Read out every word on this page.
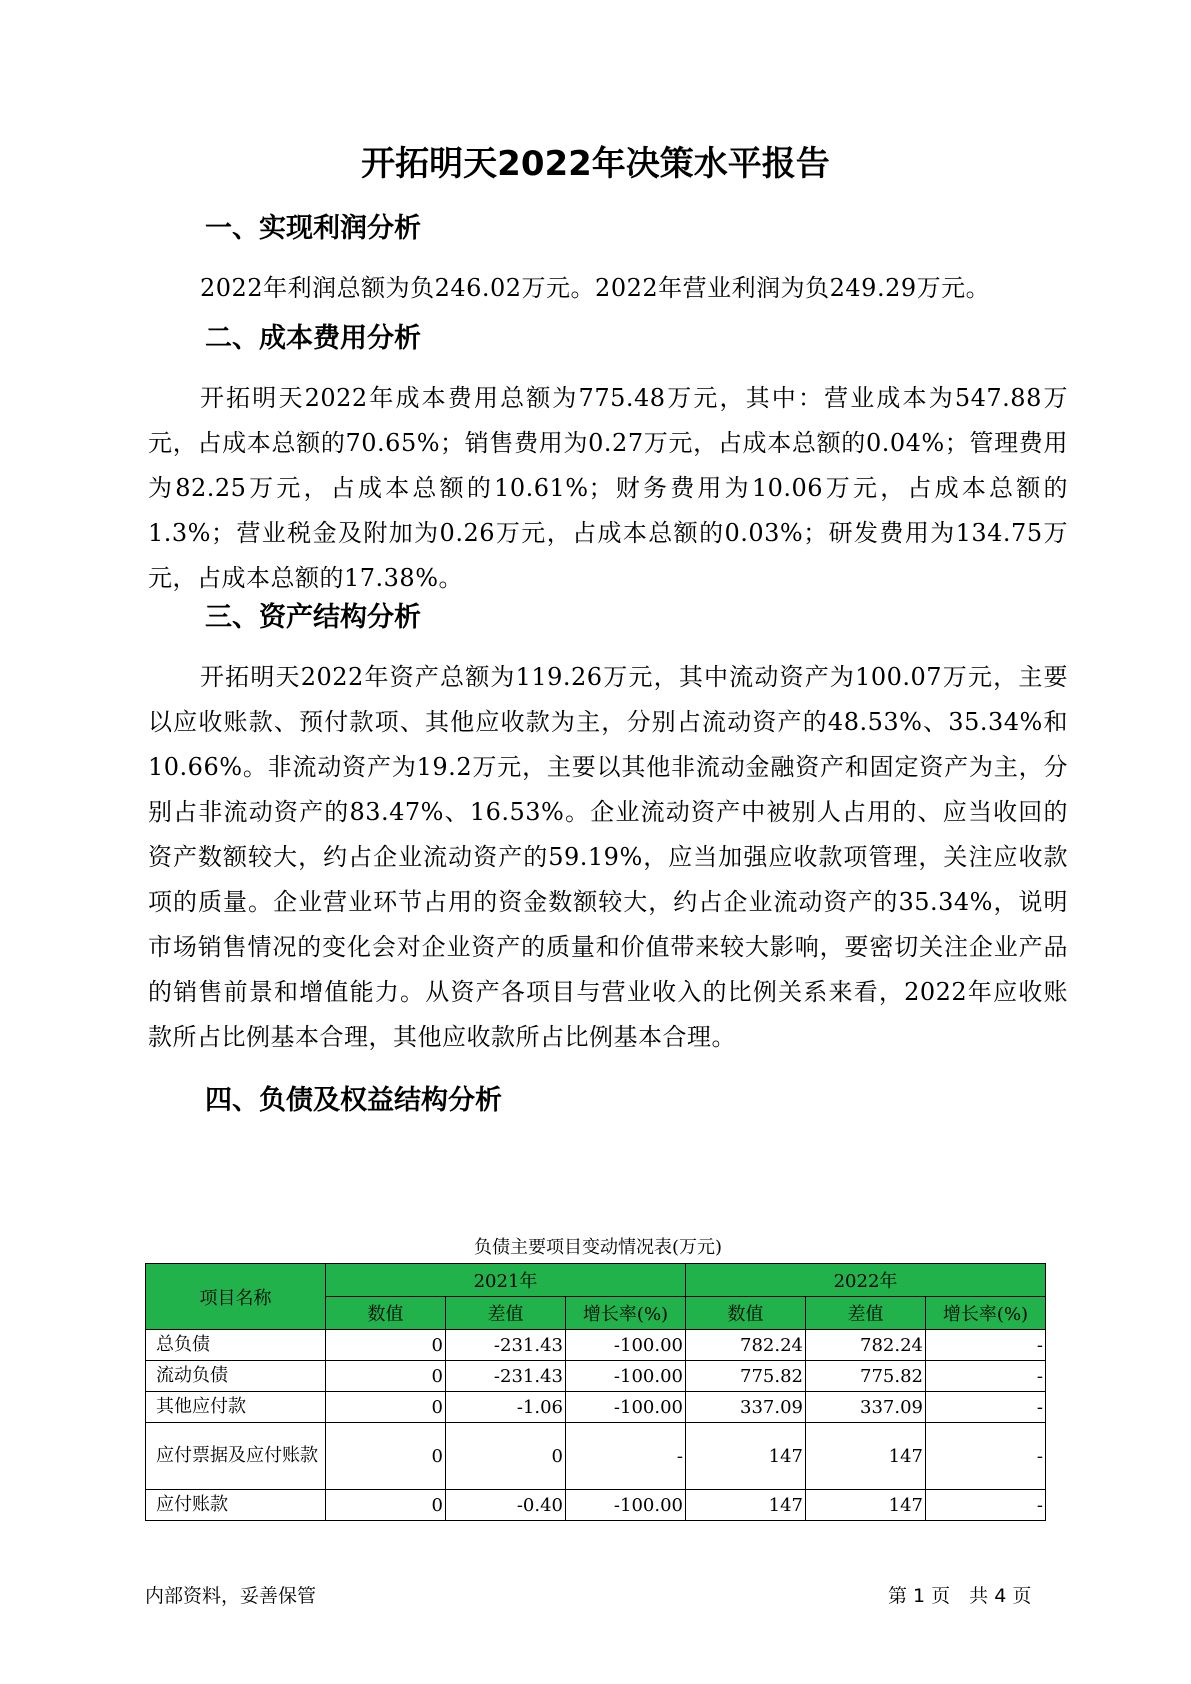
开拓明天2022年决策水平报告
一、实现利润分析
2022年利润总额为负246.02万元。2022年营业利润为负249.29万元。
二、成本费用分析
开拓明天2022年成本费用总额为775.48万元，其中：营业成本为547.88万元，占成本总额的70.65%；销售费用为0.27万元，占成本总额的0.04%；管理费用为82.25万元，占成本总额的10.61%；财务费用为10.06万元，占成本总额的1.3%；营业税金及附加为0.26万元，占成本总额的0.03%；研发费用为134.75万元，占成本总额的17.38%。
三、资产结构分析
开拓明天2022年资产总额为119.26万元，其中流动资产为100.07万元，主要以应收账款、预付款项、其他应收款为主，分别占流动资产的48.53%、35.34%和10.66%。非流动资产为19.2万元，主要以其他非流动金融资产和固定资产为主，分别占非流动资产的83.47%、16.53%。企业流动资产中被别人占用的、应当收回的资产数额较大，约占企业流动资产的59.19%，应当加强应收款项管理，关注应收款项的质量。企业营业环节占用的资金数额较大，约占企业流动资产的35.34%，说明市场销售情况的变化会对企业资产的质量和价值带来较大影响，要密切关注企业产品的销售前景和增值能力。从资产各项目与营业收入的比例关系来看，2022年应收账款所占比例基本合理，其他应收款所占比例基本合理。
四、负债及权益结构分析
负债主要项目变动情况表(万元)
项目名称	2021年			2022年		
	数值	差值	增长率(%)	数值	差值	增长率(%)
总负债	0	-231.43	-100.00	782.24	782.24	-
流动负债	0	-231.43	-100.00	775.82	775.82	-
其他应付款	0	-1.06	-100.00	337.09	337.09	-
应付票据及应付账款	0	0	-	147	147	-
应付账款	0	-0.40	-100.00	147	147	-
内部资料，妥善保管	第 1 页　共 4 页
